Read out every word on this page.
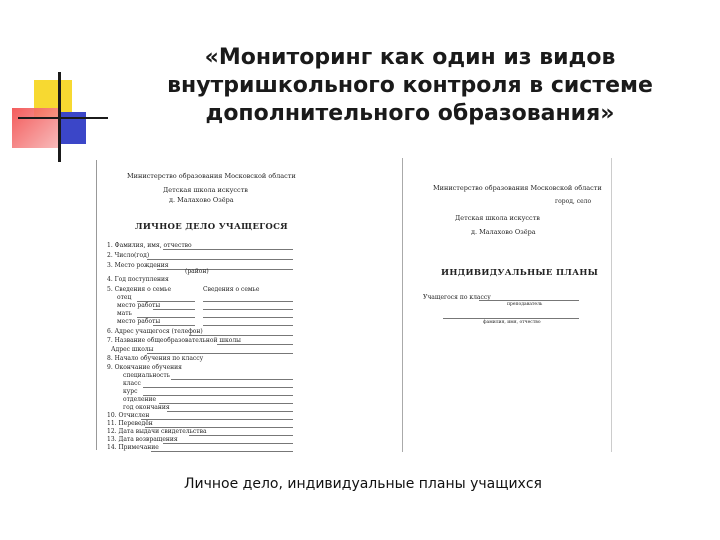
«Мониторинг как один из видов
внутришкольного контроля в системе
дополнительного образования»
Министерство образования Московской области
Детская школа искусств
д. Малахово Озёра
ЛИЧНОЕ ДЕЛО УЧАЩЕГОСЯ
1. Фамилия, имя, отчество
2. Число(год)
3. Место рождения
(район)
4. Год поступления
5. Сведения о семье	Сведения о семье
отец
место работы
мать
место работы
6. Адрес учащегося (телефон)
7. Название общеобразовательной школы
Адрес школы
8. Начало обучения по классу
9. Окончание обучения
специальность
класс
курс
отделение
год окончания
10. Отчислен
11. Переведён
12. Дата выдачи свидетельства
13. Дата возвращения
14. Примечание
Министерство образования Московской области
город, село
Детская школа искусств
д. Малахово Озёра
ИНДИВИДУАЛЬНЫЕ ПЛАНЫ
Учащегося по классу
преподаватель
фамилия, имя, отчество
Личное дело, индивидуальные планы учащихся
